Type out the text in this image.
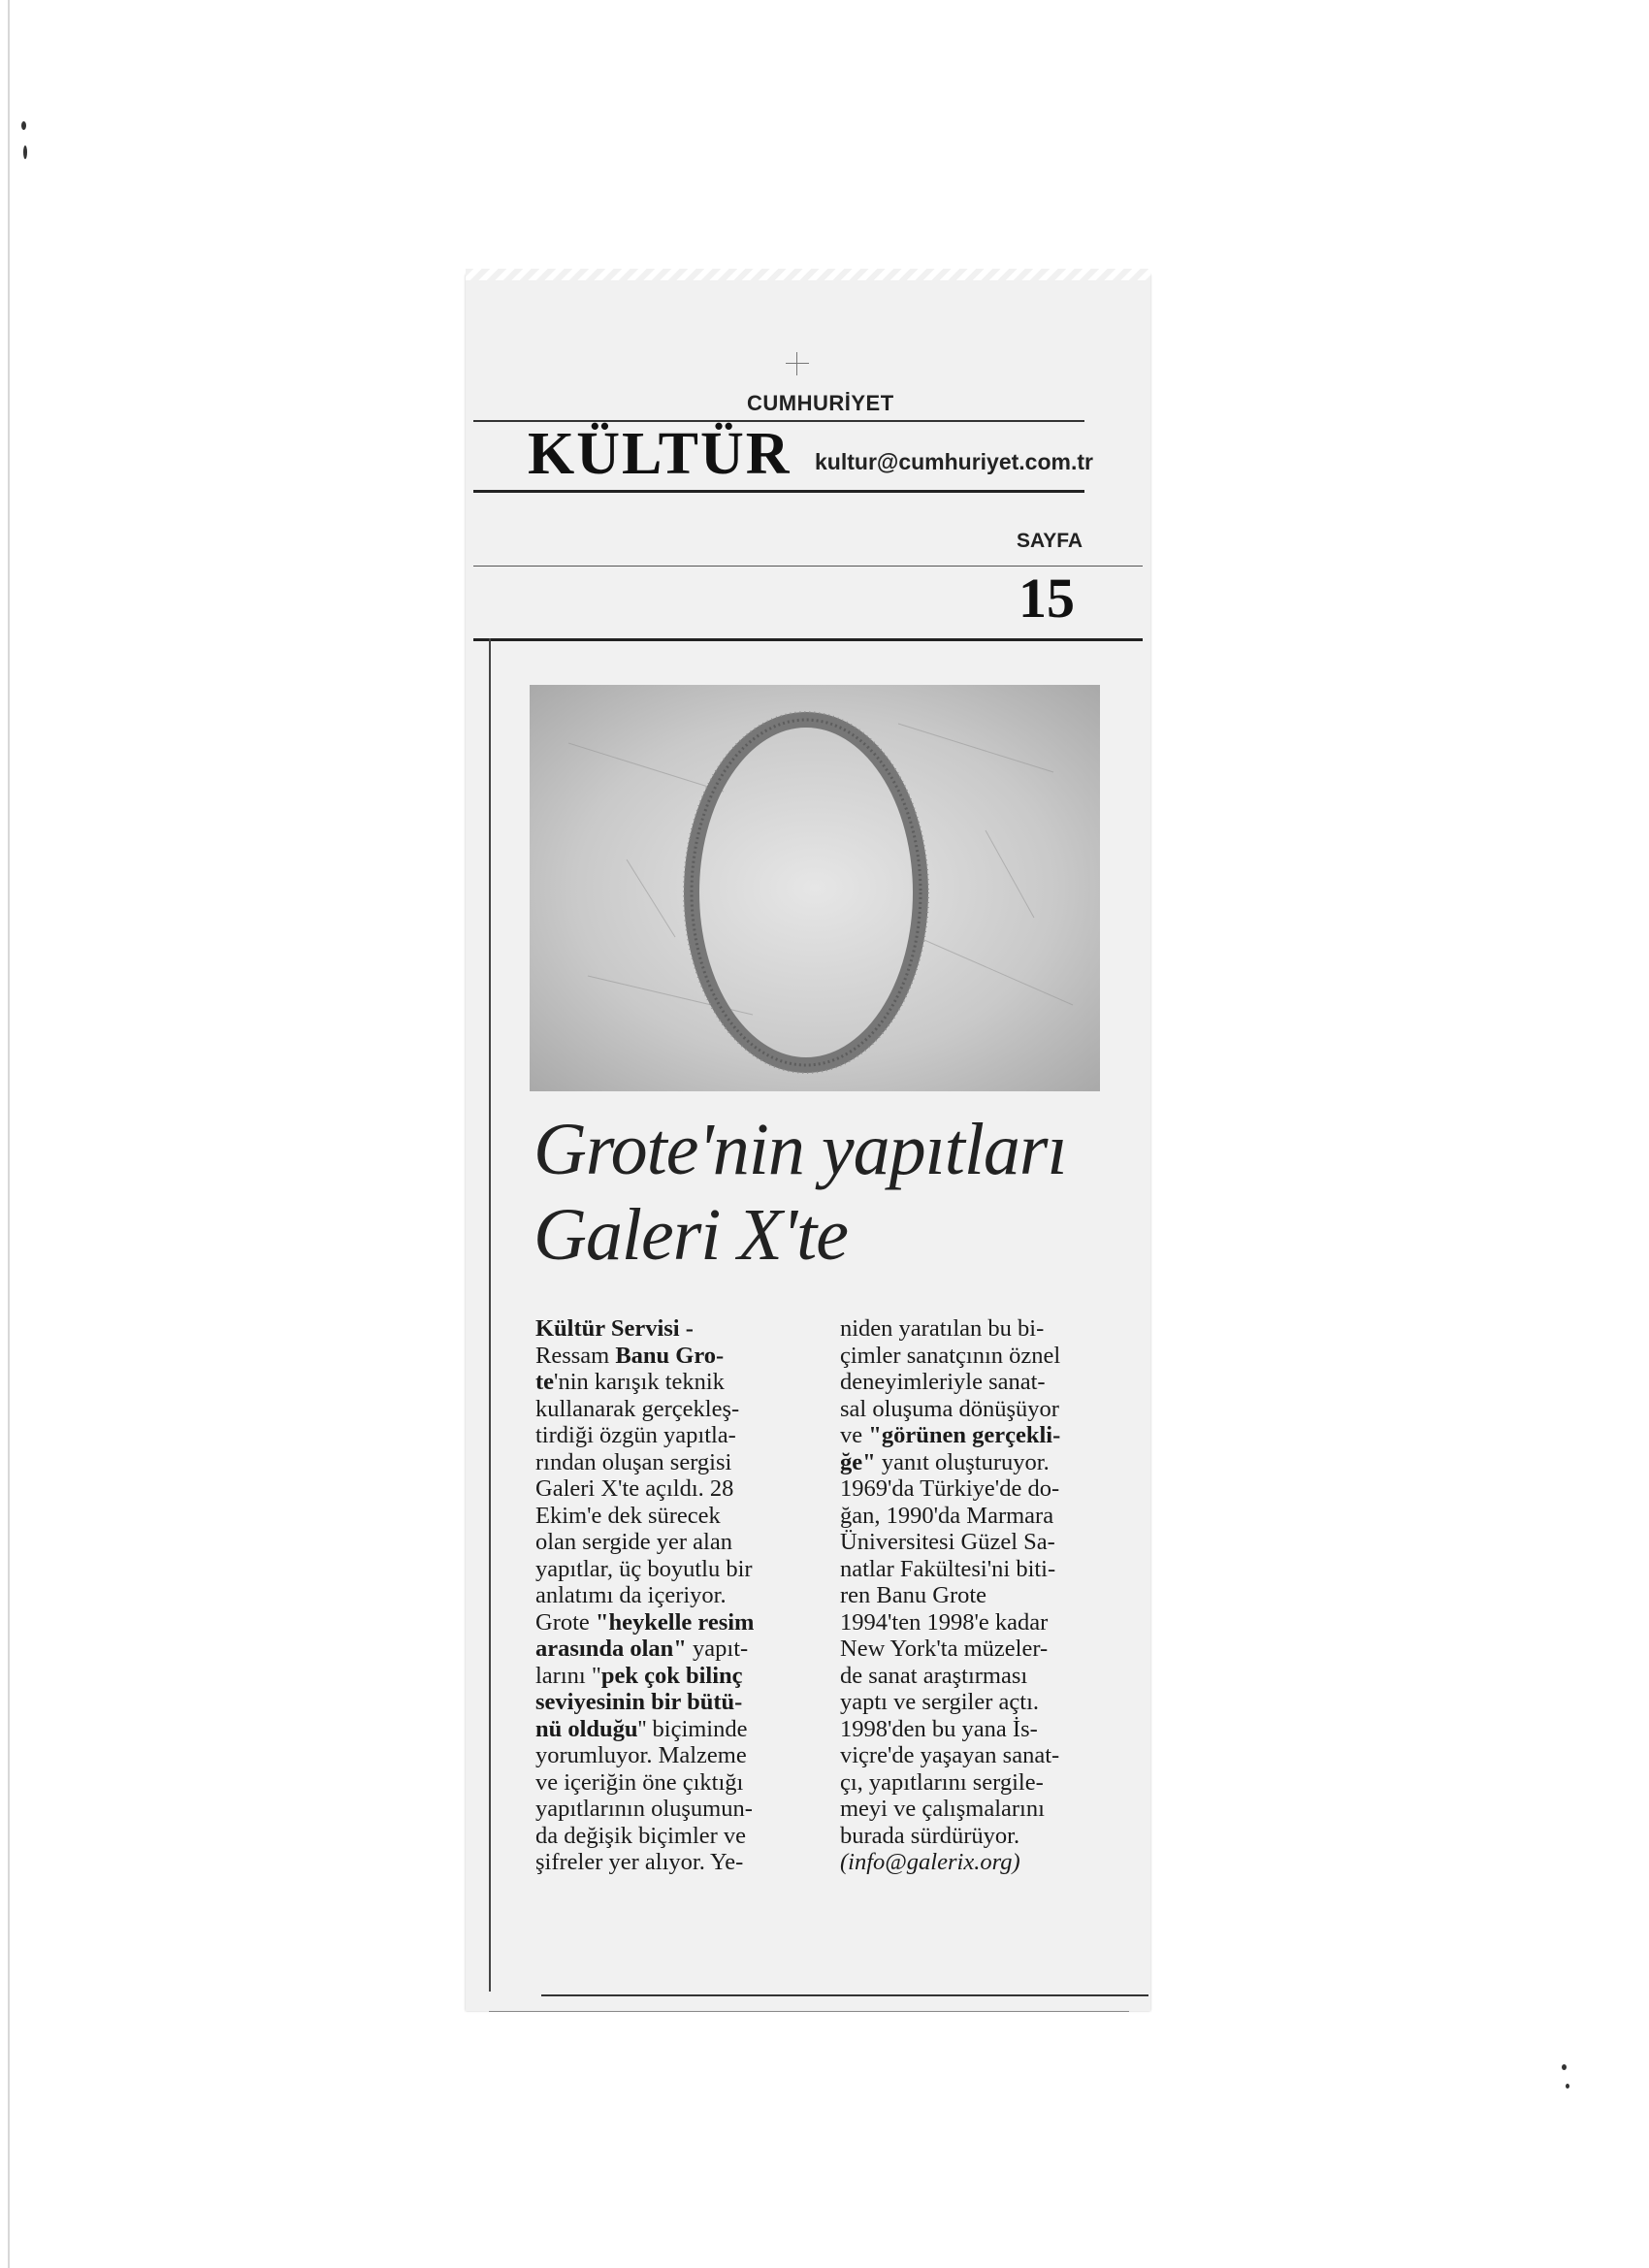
CUMHURİYET
KÜLTÜR kultur@cumhuriyet.com.tr
SAYFA
15
Grote'nin yapıtları
Galeri X'te
Kültür Servisi -
Ressam Banu Gro-
te'nin karışık teknik
kullanarak gerçekleş-
tirdiği özgün yapıtla-
rından oluşan sergisi
Galeri X'te açıldı. 28
Ekim'e dek sürecek
olan sergide yer alan
yapıtlar, üç boyutlu bir
anlatımı da içeriyor.
Grote "heykelle resim
arasında olan" yapıt-
larını "pek çok bilinç
seviyesinin bir bütü-
nü olduğu'' biçiminde
yorumluyor. Malzeme
ve içeriğin öne çıktığı
yapıtlarının oluşumun-
da değişik biçimler ve
şifreler yer alıyor. Ye-
niden yaratılan bu bi-
çimler sanatçının öznel
deneyimleriyle sanat-
sal oluşuma dönüşüyor
ve "görünen gerçekli-
ğe" yanıt oluşturuyor.
1969'da Türkiye'de do-
ğan, 1990'da Marmara
Üniversitesi Güzel Sa-
natlar Fakültesi'ni biti-
ren Banu Grote
1994'ten 1998'e kadar
New York'ta müzeler-
de sanat araştırması
yaptı ve sergiler açtı.
1998'den bu yana İs-
viçre'de yaşayan sanat-
çı, yapıtlarını sergile-
meyi ve çalışmalarını
burada sürdürüyor.
(info@galerix.org)
